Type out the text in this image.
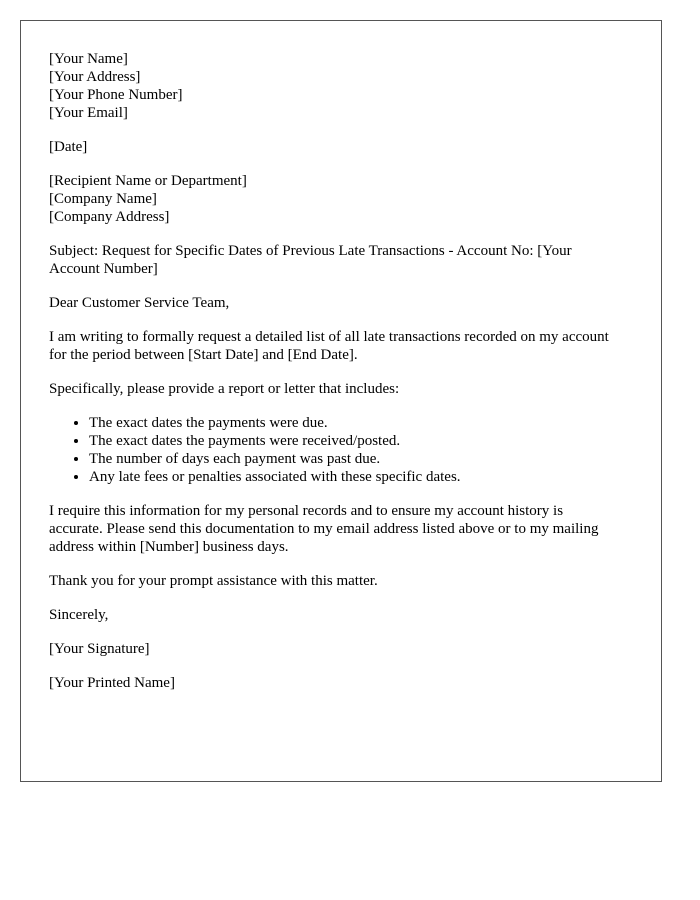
[Your Name]
[Your Address]
[Your Phone Number]
[Your Email]

[Date]

[Recipient Name or Department]
[Company Name]
[Company Address]

Subject: Request for Specific Dates of Previous Late Transactions - Account No: [Your Account Number]

Dear Customer Service Team,

I am writing to formally request a detailed list of all late transactions recorded on my account for the period between [Start Date] and [End Date].

Specifically, please provide a report or letter that includes:

• The exact dates the payments were due.
• The exact dates the payments were received/posted.
• The number of days each payment was past due.
• Any late fees or penalties associated with these specific dates.

I require this information for my personal records and to ensure my account history is accurate. Please send this documentation to my email address listed above or to my mailing address within [Number] business days.

Thank you for your prompt assistance with this matter.

Sincerely,

[Your Signature]

[Your Printed Name]
